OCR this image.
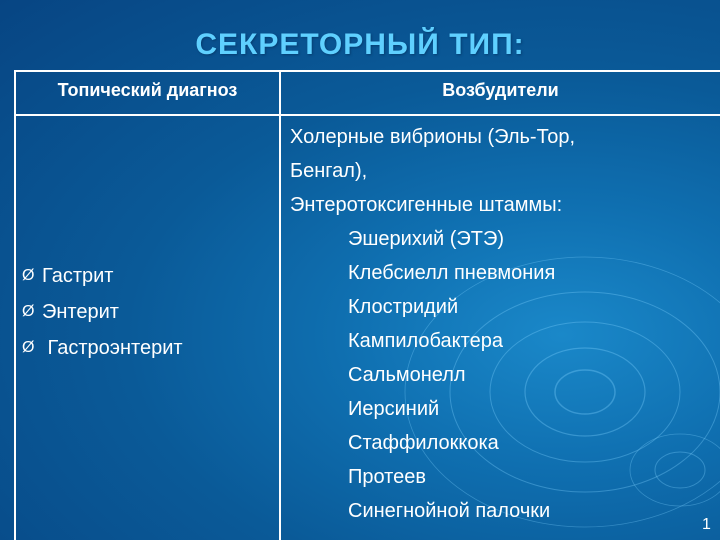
СЕКРЕТОРНЫЙ ТИП:
Топический диагноз	Возбудители
Ø Гастрит
Ø Энтерит
Ø Гастроэнтерит
Холерные вибрионы (Эль-Тор,
Бенгал),
Энтеротоксигенные штаммы:
Эшерихий (ЭТЭ)
Клебсиелл пневмония
Клостридий
Кампилобактера
Сальмонелл
Иерсиний
Стаффилоккока
Протеев
Синегнойной палочки
1
